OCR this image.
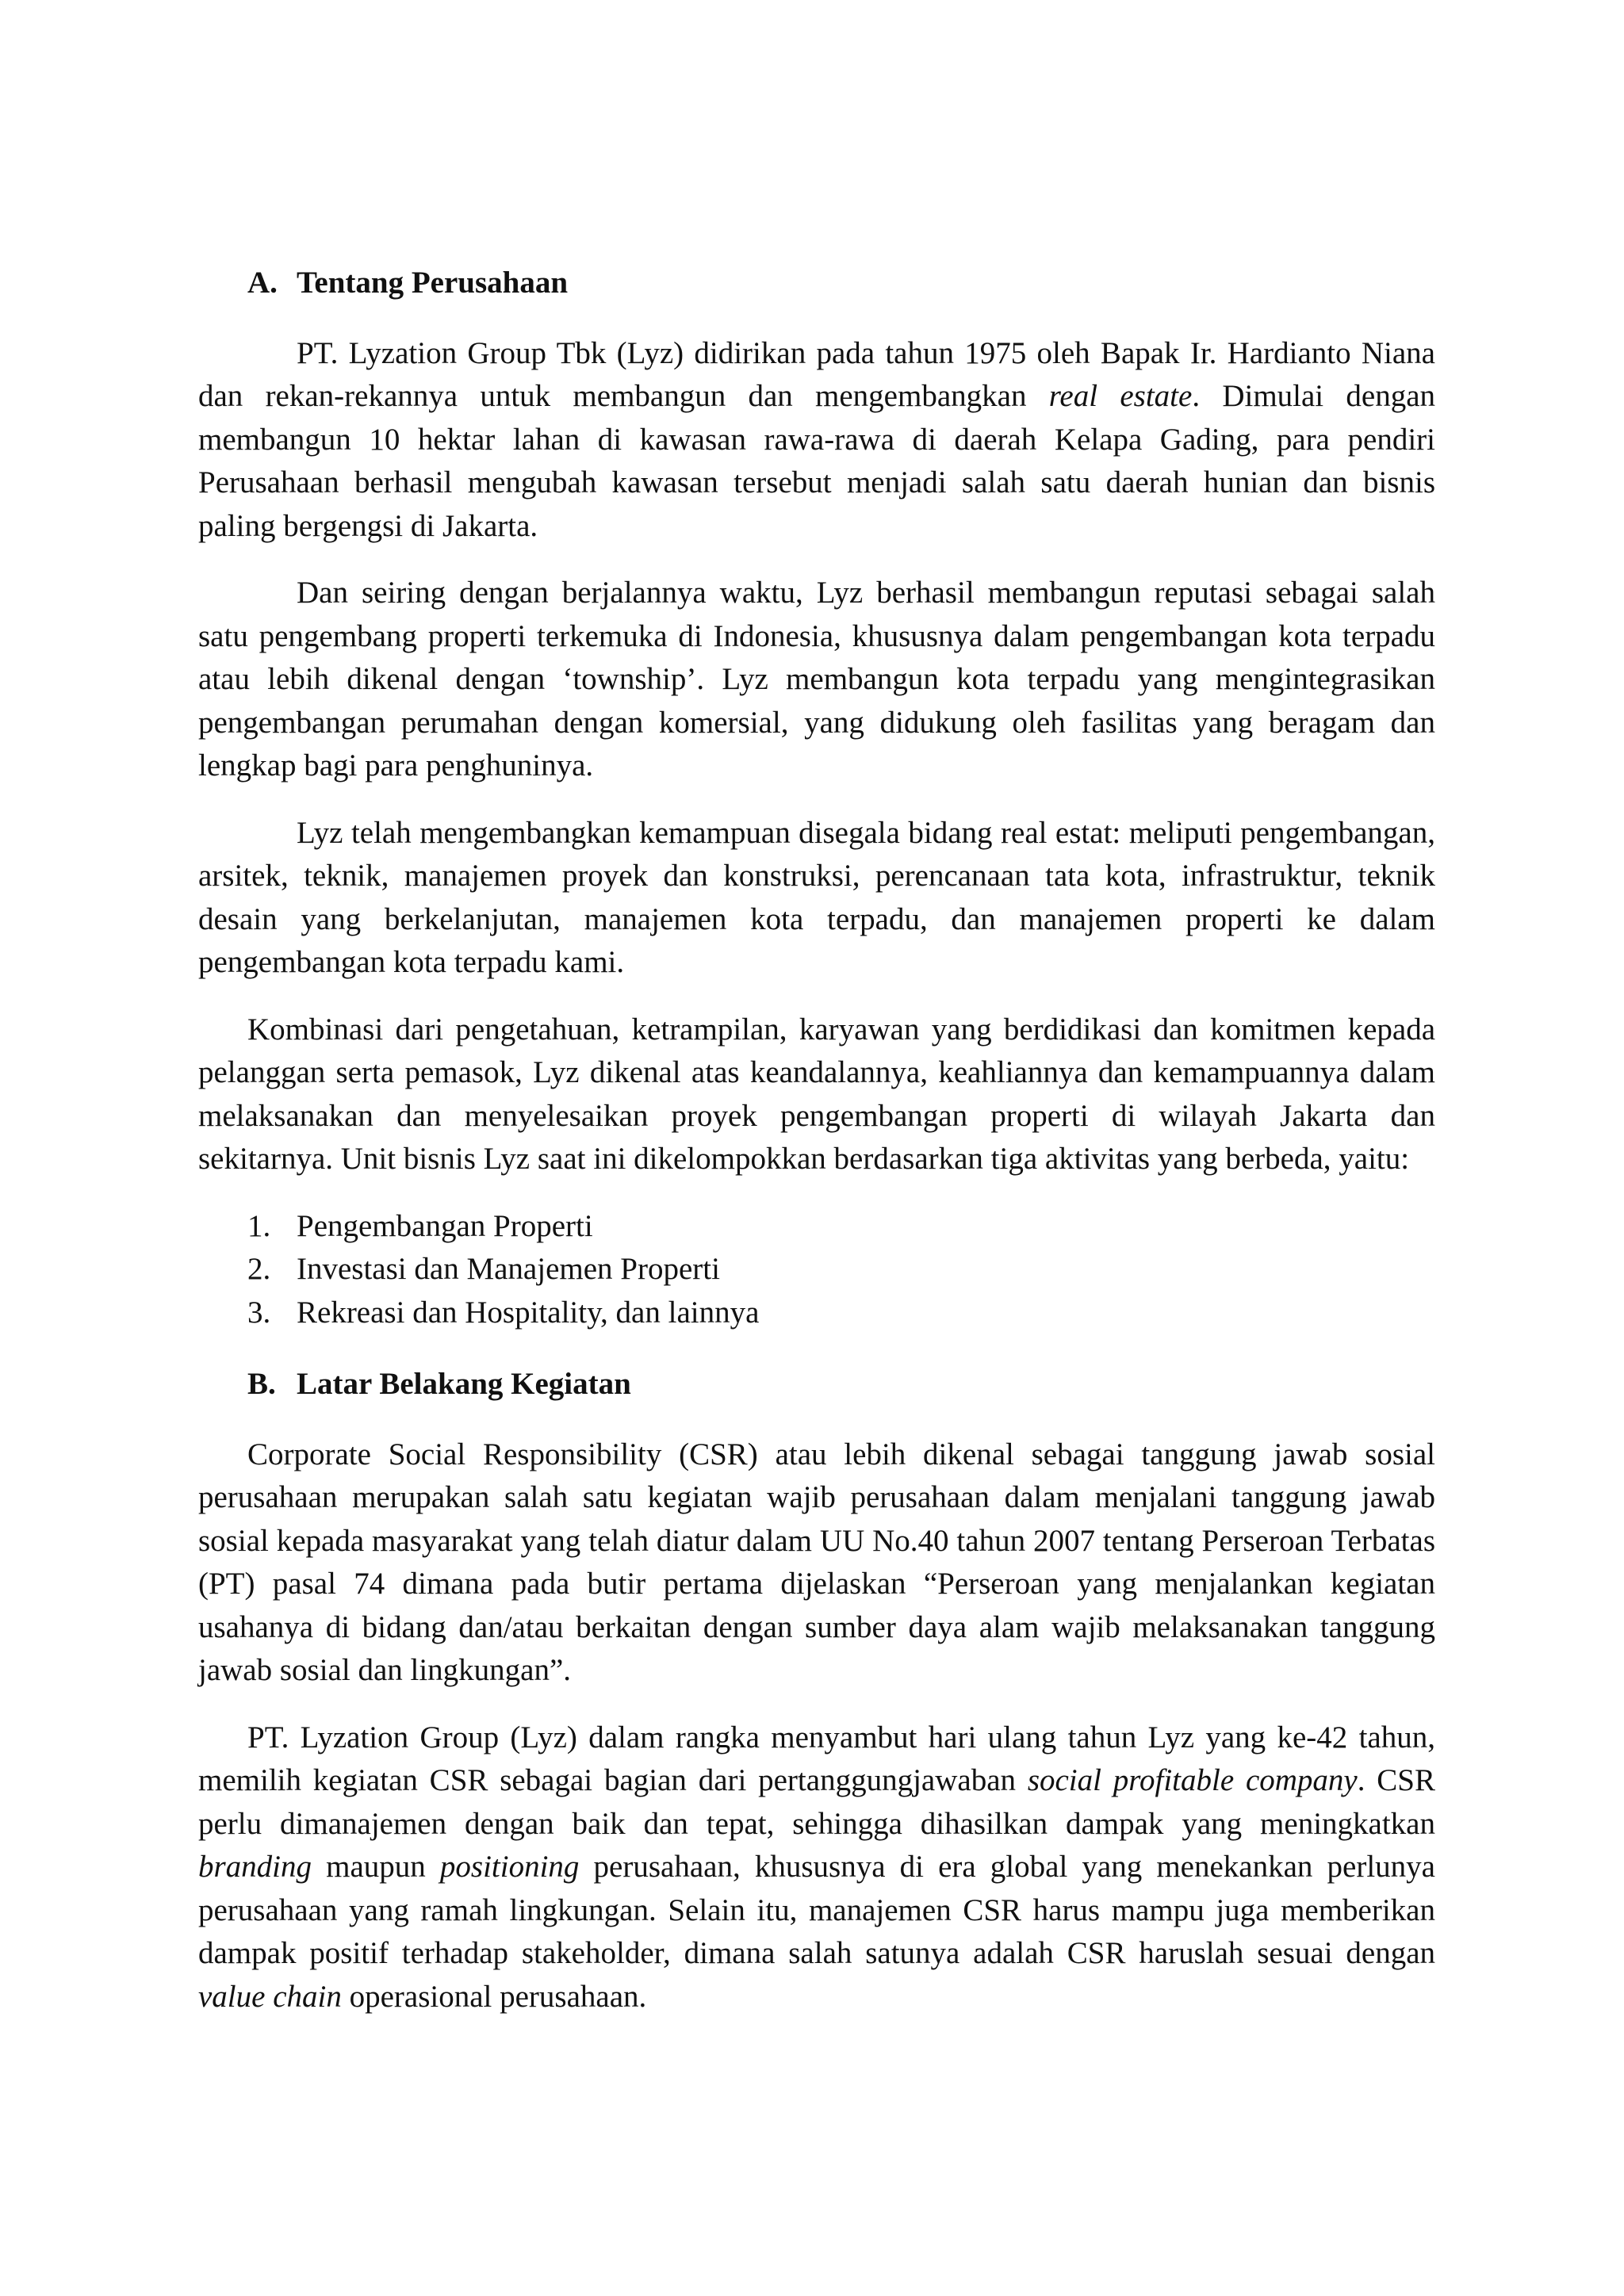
A. Tentang Perusahaan

PT. Lyzation Group Tbk (Lyz) didirikan pada tahun 1975 oleh Bapak Ir. Hardianto Niana dan rekan-rekannya untuk membangun dan mengembangkan real estate. Dimulai dengan membangun 10 hektar lahan di kawasan rawa-rawa di daerah Kelapa Gading, para pendiri Perusahaan berhasil mengubah kawasan tersebut menjadi salah satu daerah hunian dan bisnis paling bergengsi di Jakarta.

Dan seiring dengan berjalannya waktu, Lyz berhasil membangun reputasi sebagai salah satu pengembang properti terkemuka di Indonesia, khususnya dalam pengembangan kota terpadu atau lebih dikenal dengan ‘township’. Lyz membangun kota terpadu yang mengintegrasikan pengembangan perumahan dengan komersial, yang didukung oleh fasilitas yang beragam dan lengkap bagi para penghuninya.

Lyz telah mengembangkan kemampuan disegala bidang real estat: meliputi pengembangan, arsitek, teknik, manajemen proyek dan konstruksi, perencanaan tata kota, infrastruktur, teknik desain yang berkelanjutan, manajemen kota terpadu, dan manajemen properti ke dalam pengembangan kota terpadu kami.

Kombinasi dari pengetahuan, ketrampilan, karyawan yang berdidikasi dan komitmen kepada pelanggan serta pemasok, Lyz dikenal atas keandalannya, keahliannya dan kemampuannya dalam melaksanakan dan menyelesaikan proyek pengembangan properti di wilayah Jakarta dan sekitarnya. Unit bisnis Lyz saat ini dikelompokkan berdasarkan tiga aktivitas yang berbeda, yaitu:

1. Pengembangan Properti
2. Investasi dan Manajemen Properti
3. Rekreasi dan Hospitality, dan lainnya
B. Latar Belakang Kegiatan

Corporate Social Responsibility (CSR) atau lebih dikenal sebagai tanggung jawab sosial perusahaan merupakan salah satu kegiatan wajib perusahaan dalam menjalani tanggung jawab sosial kepada masyarakat yang telah diatur dalam UU No.40 tahun 2007 tentang Perseroan Terbatas (PT) pasal 74 dimana pada butir pertama dijelaskan “Perseroan yang menjalankan kegiatan usahanya di bidang dan/atau berkaitan dengan sumber daya alam wajib melaksanakan tanggung jawab sosial dan lingkungan”.

PT. Lyzation Group (Lyz) dalam rangka menyambut hari ulang tahun Lyz yang ke-42 tahun, memilih kegiatan CSR sebagai bagian dari pertanggungjawaban social profitable company. CSR perlu dimanajemen dengan baik dan tepat, sehingga dihasilkan dampak yang meningkatkan branding maupun positioning perusahaan, khususnya di era global yang menekankan perlunya perusahaan yang ramah lingkungan. Selain itu, manajemen CSR harus mampu juga memberikan dampak positif terhadap stakeholder, dimana salah satunya adalah CSR haruslah sesuai dengan value chain operasional perusahaan.
